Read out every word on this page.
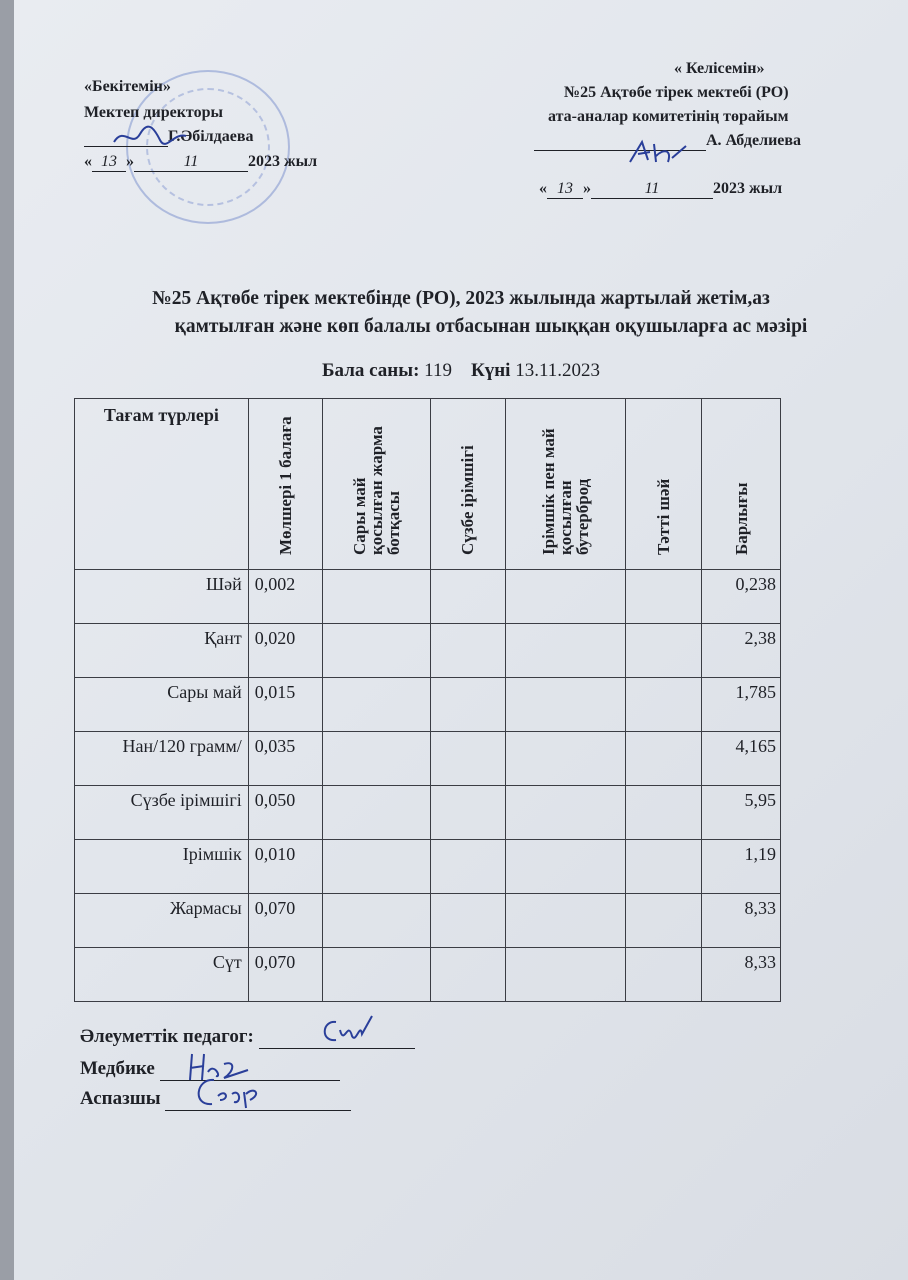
«Бекітемін»
Мектеп директоры
Г.Әбілдаева
« 13 »	11	2023 жыл
« Келісемін»
№25 Ақтөбе тірек мектебі (РО)
ата-аналар комитетінің төрайым
А. Абделиева
« 13 »	11	2023 жыл
№25 Ақтөбе тірек мектебінде (РО), 2023 жылында жартылай жетім,аз
қамтылған және көп балалы отбасынан шыққан оқушыларға ас мәзірі
Бала саны: 119 Күні 13.11.2023
Тағам түрлері	Мөлшері 1 балаға	Сары май қосылған жарма ботқасы	Сүзбе ірімшігі	Ірімшік пен май қосылған бутерброд	Тәтті шәй	Барлығы
Шәй	0,002					0,238
Қант	0,020					2,38
Сары май	0,015					1,785
Нан/120 грамм/	0,035					4,165
Сүзбе ірімшігі	0,050					5,95
Ірімшік	0,010					1,19
Жармасы	0,070					8,33
Сүт	0,070					8,33
Әлеуметтік педагог:
Медбике
Аспазшы
